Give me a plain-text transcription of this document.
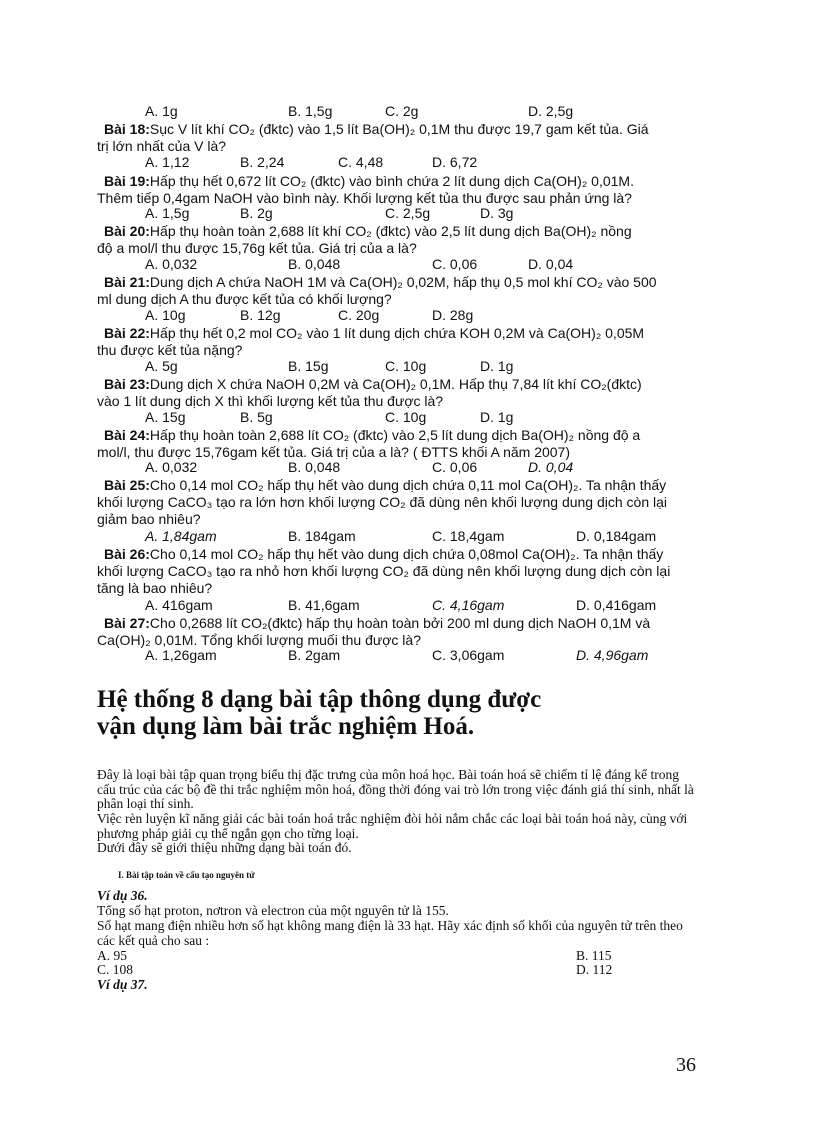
A. 1g	B. 1,5g	C. 2g	D. 2,5g
Bài 18:Sục V lít khí CO₂ (đktc) vào 1,5 lít Ba(OH)₂ 0,1M thu được 19,7 gam kết tủa. Giá
trị lớn nhất của V là?
A. 1,12	B. 2,24	C. 4,48	D. 6,72
Bài 19:Hấp thụ hết 0,672 lít CO₂ (đktc) vào bình chứa 2 lít dung dịch Ca(OH)₂ 0,01M.
Thêm tiếp 0,4gam NaOH vào bình này. Khối lượng kết tủa thu được sau phản ứng là?
A. 1,5g	B. 2g	C. 2,5g	D. 3g
Bài 20:Hấp thụ hoàn toàn 2,688 lít khí CO₂ (đktc) vào 2,5 lít dung dịch Ba(OH)₂ nồng
độ a mol/l thu được 15,76g kết tủa. Giá trị của a là?
A. 0,032	B. 0,048	C. 0,06	D. 0,04
Bài 21:Dung dịch A chứa NaOH 1M và Ca(OH)₂ 0,02M, hấp thụ 0,5 mol khí CO₂ vào 500
ml dung dịch A thu được kết tủa có khối lượng?
A. 10g	B. 12g	C. 20g	D. 28g
Bài 22:Hấp thụ hết 0,2 mol CO₂ vào 1 lít dung dịch chứa KOH 0,2M và Ca(OH)₂ 0,05M
thu được kết tủa nặng?
A. 5g	B. 15g	C. 10g	D. 1g
Bài 23:Dung dịch X chứa NaOH 0,2M và Ca(OH)₂ 0,1M. Hấp thụ 7,84 lít khí CO₂(đktc)
vào 1 lít dung dịch X thì khối lượng kết tủa thu được là?
A. 15g	B. 5g	C. 10g	D. 1g
Bài 24:Hấp thụ hoàn toàn 2,688 lít CO₂ (đktc) vào 2,5 lít dung dịch Ba(OH)₂ nồng độ a
mol/l, thu được 15,76gam kết tủa. Giá trị của a là? ( ĐTTS khối A năm 2007)
A. 0,032	B. 0,048	C. 0,06	D. 0,04
Bài 25:Cho 0,14 mol CO₂ hấp thụ hết vào dung dịch chứa 0,11 mol Ca(OH)₂. Ta nhận thấy
khối lượng CaCO₃ tạo ra lớn hơn khối lượng CO₂ đã dùng nên khối lượng dung dịch còn lại
giảm bao nhiêu?
A. 1,84gam	B. 184gam	C. 18,4gam	D. 0,184gam
Bài 26:Cho 0,14 mol CO₂ hấp thụ hết vào dung dịch chứa 0,08mol Ca(OH)₂. Ta nhận thấy
khối lượng CaCO₃ tạo ra nhỏ hơn khối lượng CO₂ đã dùng nên khối lượng dung dịch còn lại
tăng là bao nhiêu?
A. 416gam	B. 41,6gam	C. 4,16gam	D. 0,416gam
Bài 27:Cho 0,2688 lít CO₂(đktc) hấp thụ hoàn toàn bởi 200 ml dung dịch NaOH 0,1M và
Ca(OH)₂ 0,01M. Tổng khối lượng muối thu được là?
A. 1,26gam	B. 2gam	C. 3,06gam	D. 4,96gam
Hệ thống 8 dạng bài tập thông dụng được
vận dụng làm bài trắc nghiệm Hoá.
Đây là loại bài tập quan trọng biểu thị đặc trưng của môn hoá học. Bài toán hoá sẽ chiếm tỉ lệ đáng kể trong cấu trúc của các bộ đề thi trắc nghiệm môn hoá, đồng thời đóng vai trò lớn trong việc đánh giá thí sinh, nhất là phân loại thí sinh.
Việc rèn luyện kĩ năng giải các bài toán hoá trắc nghiệm đòi hỏi nắm chắc các loại bài toán hoá này, cùng với phương pháp giải cụ thể ngắn gọn cho từng loại.
Dưới đây sẽ giới thiệu những dạng bài toán đó.
I. Bài tập toán về cấu tạo nguyên tử
Ví dụ 36.
Tổng số hạt proton, nơtron và electron của một nguyên tử là 155.
Số hạt mang điện nhiều hơn số hạt không mang điện là 33 hạt. Hãy xác định số khối của nguyên tử trên theo các kết quả cho sau :
A. 95	B. 115
C. 108	D. 112
Ví dụ 37.
36
